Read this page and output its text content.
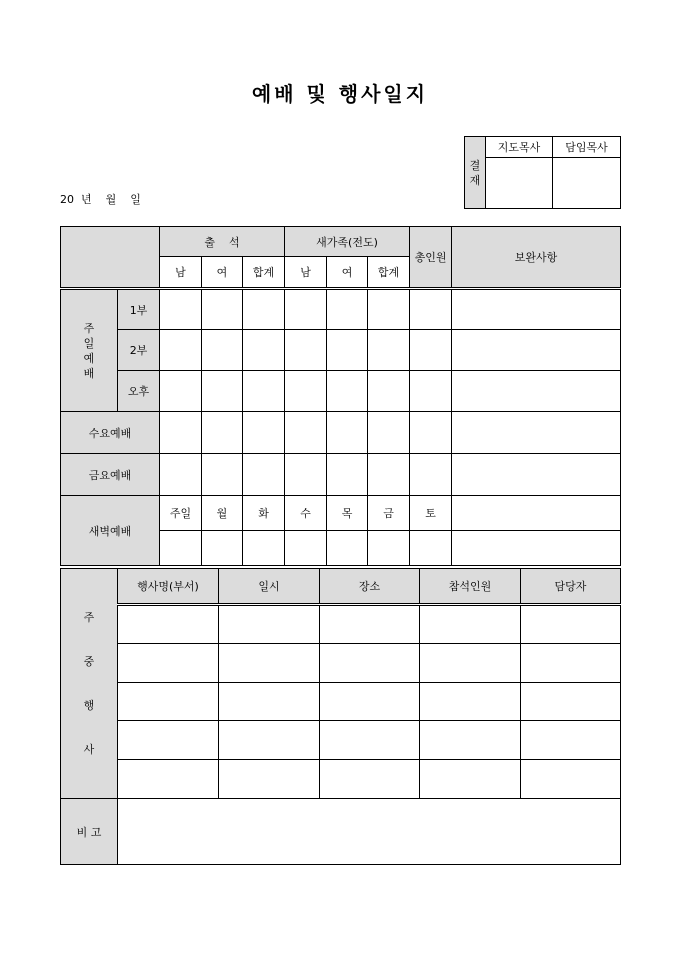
예배 및 행사일지
20  년    월    일
결
재	지도목사	담임목사

		출    석			새가족(전도)			총인원	보완사항
		남	여	합계	남	여	합계		

주
일
예
배	1부								
	2부								
	오후								
수요예배									
금요예배									
새벽예배		주일	월	화	수	목	금	토	

주
중
행
사	행사명(부서)	일시	장소	참석인원	담당자

비 고					
